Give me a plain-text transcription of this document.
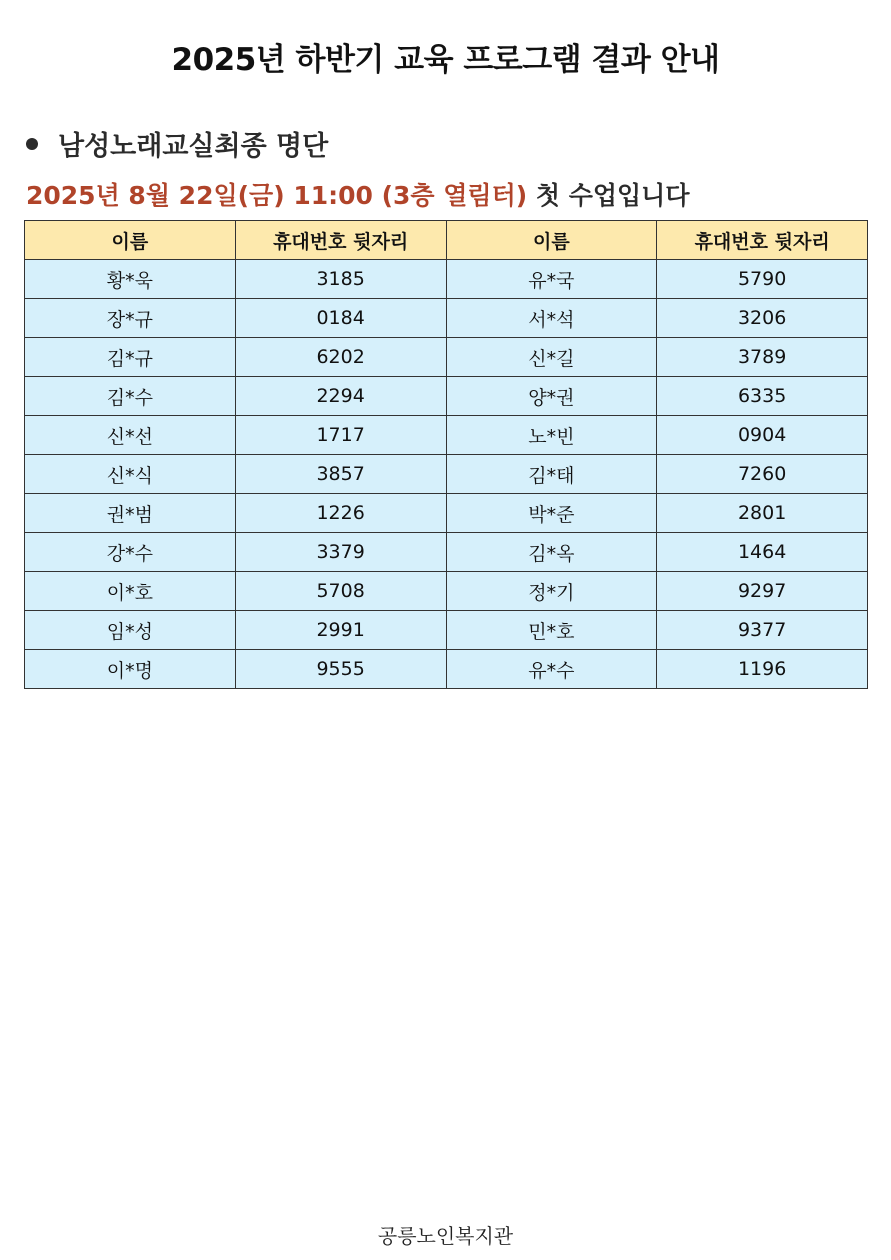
2025년 하반기 교육 프로그램 결과 안내
남성노래교실최종 명단
2025년 8월 22일(금) 11:00 (3층 열림터) 첫 수업입니다
이름	휴대번호 뒷자리	이름	휴대번호 뒷자리
황*욱	3185	유*국	5790
장*규	0184	서*석	3206
김*규	6202	신*길	3789
김*수	2294	양*권	6335
신*선	1717	노*빈	0904
신*식	3857	김*태	7260
권*범	1226	박*준	2801
강*수	3379	김*옥	1464
이*호	5708	정*기	9297
임*성	2991	민*호	9377
이*명	9555	유*수	1196
공릉노인복지관
